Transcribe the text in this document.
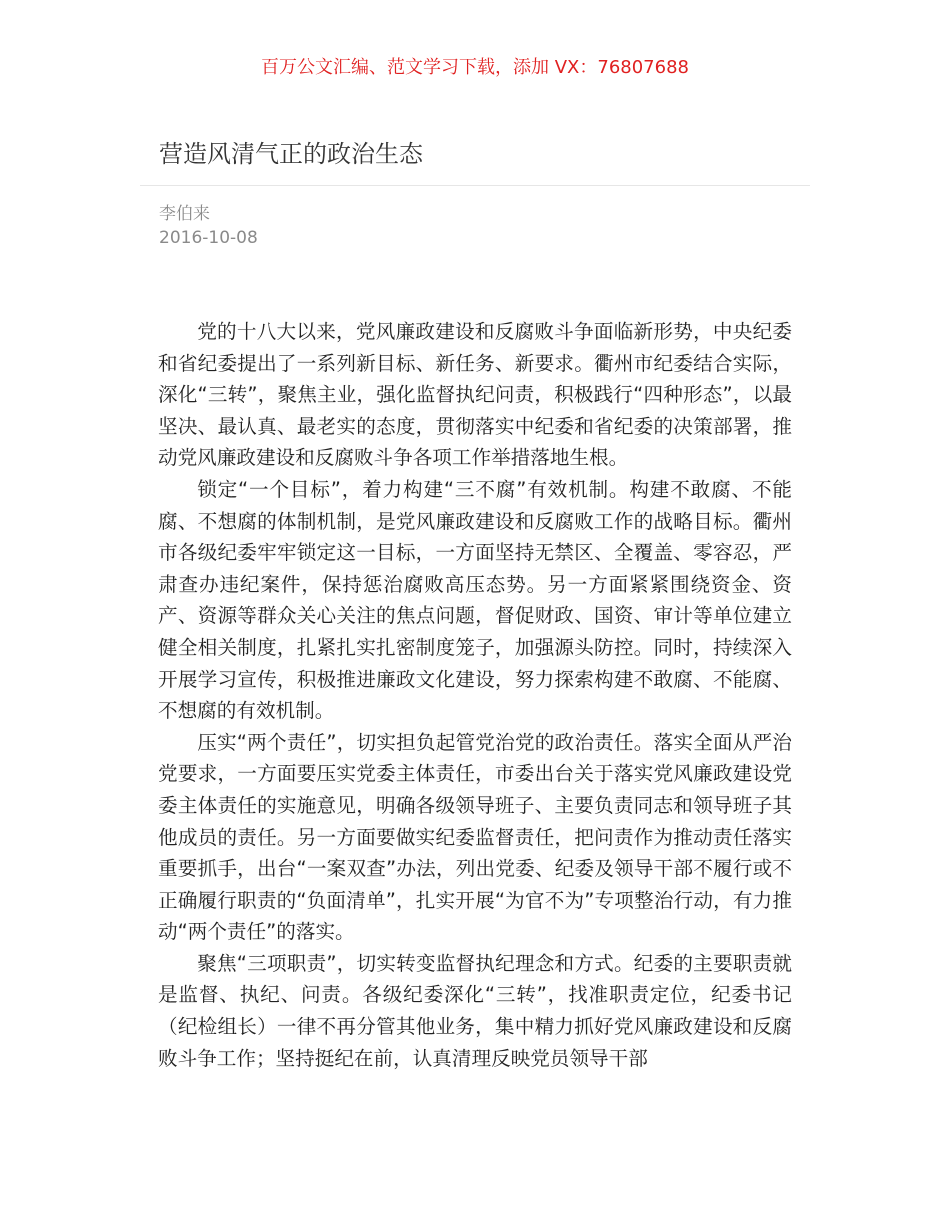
百万公文汇编、范文学习下载，添加 VX：76807688
营造风清气正的政治生态
李伯来
2016-10-08

党的十八大以来，党风廉政建设和反腐败斗争面临新形势，中央纪委和省纪委提出了一系列新目标、新任务、新要求。衢州市纪委结合实际，深化“三转”，聚焦主业，强化监督执纪问责，积极践行“四种形态”，以最坚决、最认真、最老实的态度，贯彻落实中纪委和省纪委的决策部署，推动党风廉政建设和反腐败斗争各项工作举措落地生根。

锁定“一个目标”，着力构建“三不腐”有效机制。构建不敢腐、不能腐、不想腐的体制机制，是党风廉政建设和反腐败工作的战略目标。衢州市各级纪委牢牢锁定这一目标，一方面坚持无禁区、全覆盖、零容忍，严肃查办违纪案件，保持惩治腐败高压态势。另一方面紧紧围绕资金、资产、资源等群众关心关注的焦点问题，督促财政、国资、审计等单位建立健全相关制度，扎紧扎实扎密制度笼子，加强源头防控。同时，持续深入开展学习宣传，积极推进廉政文化建设，努力探索构建不敢腐、不能腐、不想腐的有效机制。

压实“两个责任”，切实担负起管党治党的政治责任。落实全面从严治党要求，一方面要压实党委主体责任，市委出台关于落实党风廉政建设党委主体责任的实施意见，明确各级领导班子、主要负责同志和领导班子其他成员的责任。另一方面要做实纪委监督责任，把问责作为推动责任落实重要抓手，出台“一案双查”办法，列出党委、纪委及领导干部不履行或不正确履行职责的“负面清单”，扎实开展“为官不为”专项整治行动，有力推动“两个责任”的落实。

聚焦“三项职责”，切实转变监督执纪理念和方式。纪委的主要职责就是监督、执纪、问责。各级纪委深化“三转”，找准职责定位，纪委书记（纪检组长）一律不再分管其他业务，集中精力抓好党风廉政建设和反腐败斗争工作；坚持挺纪在前，认真清理反映党员领导干部
